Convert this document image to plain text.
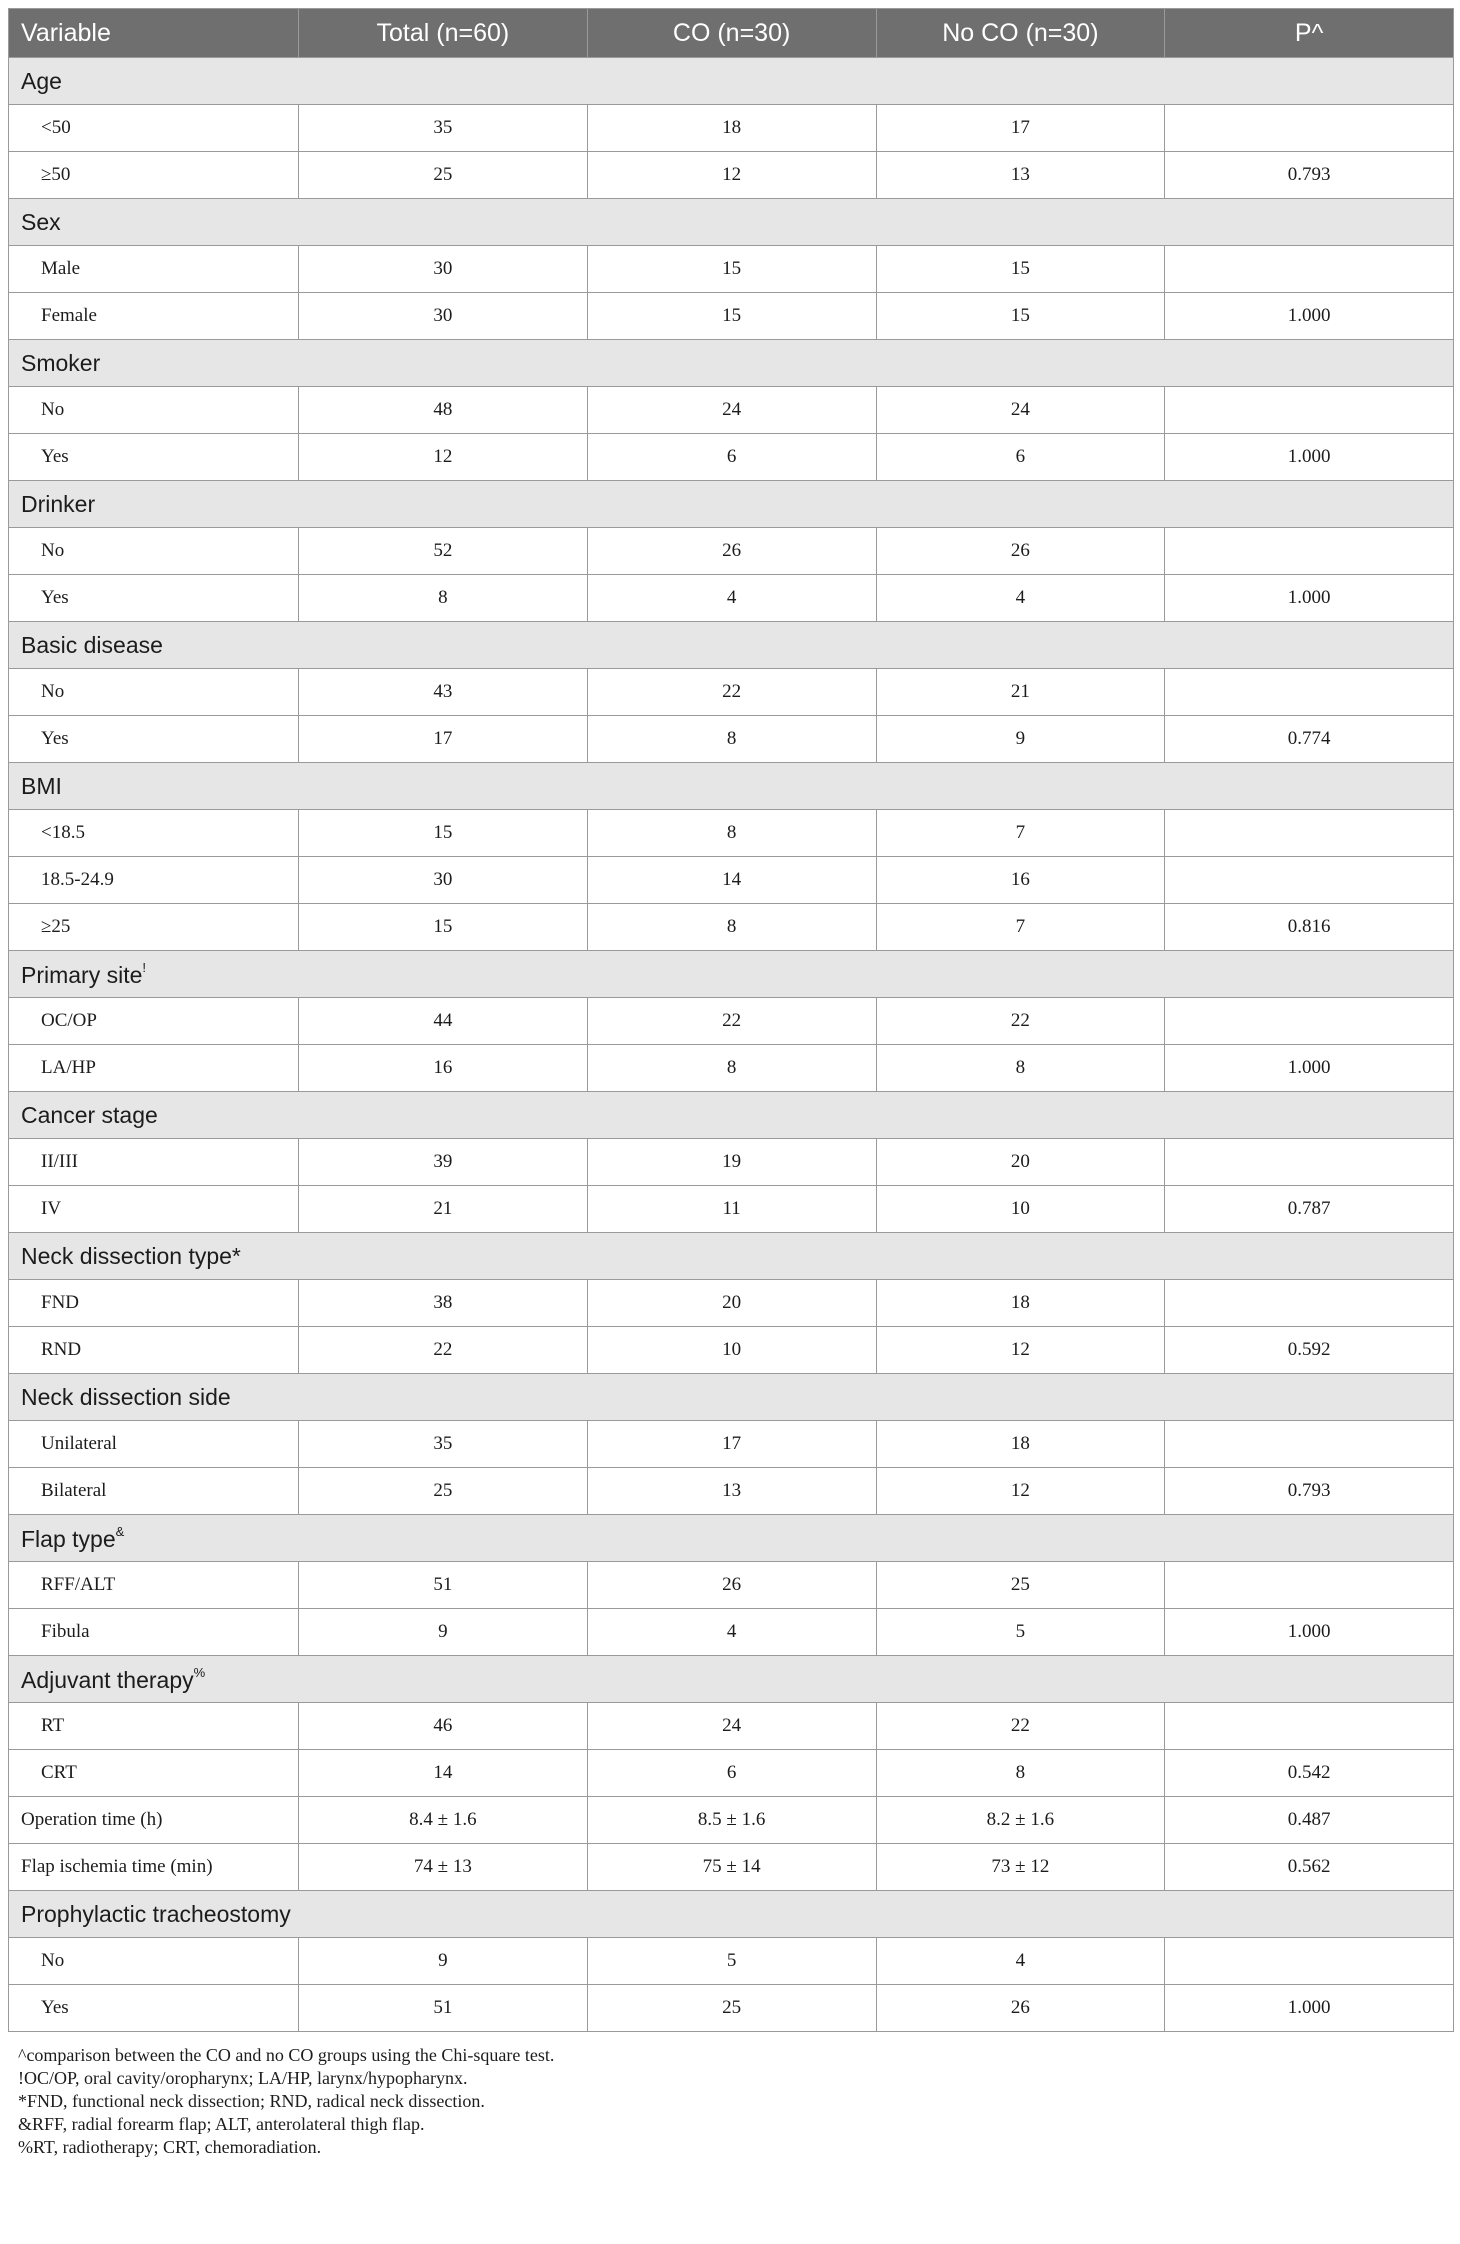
Variable	Total (n=60)	CO (n=30)	No CO (n=30)	P^
Age				
<50	35	18	17	
≥50	25	12	13	0.793
Sex				
Male	30	15	15	
Female	30	15	15	1.000
Smoker				
No	48	24	24	
Yes	12	6	6	1.000
Drinker				
No	52	26	26	
Yes	8	4	4	1.000
Basic disease				
No	43	22	21	
Yes	17	8	9	0.774
BMI				
<18.5	15	8	7	
18.5-24.9	30	14	16	
≥25	15	8	7	0.816
Primary site!
OC/OP	44	22	22	
LA/HP	16	8	8	1.000
Cancer stage				
II/III	39	19	20	
IV	21	11	10	0.787
Neck dissection type*				
FND	38	20	18	
RND	22	10	12	0.592
Neck dissection side				
Unilateral	35	17	18	
Bilateral	25	13	12	0.793
Flap type&
RFF/ALT	51	26	25	
Fibula	9	4	5	1.000
Adjuvant therapy%
RT	46	24	22	
CRT	14	6	8	0.542
Operation time (h)	8.4 ± 1.6	8.5 ± 1.6	8.2 ± 1.6	0.487
Flap ischemia time (min)	74 ± 13	75 ± 14	73 ± 12	0.562
Prophylactic tracheostomy				
No	9	5	4	
Yes	51	25	26	1.000
^comparison between the CO and no CO groups using the Chi-square test.
!OC/OP, oral cavity/oropharynx; LA/HP, larynx/hypopharynx.
*FND, functional neck dissection; RND, radical neck dissection.
&RFF, radial forearm flap; ALT, anterolateral thigh flap.
%RT, radiotherapy; CRT, chemoradiation.
